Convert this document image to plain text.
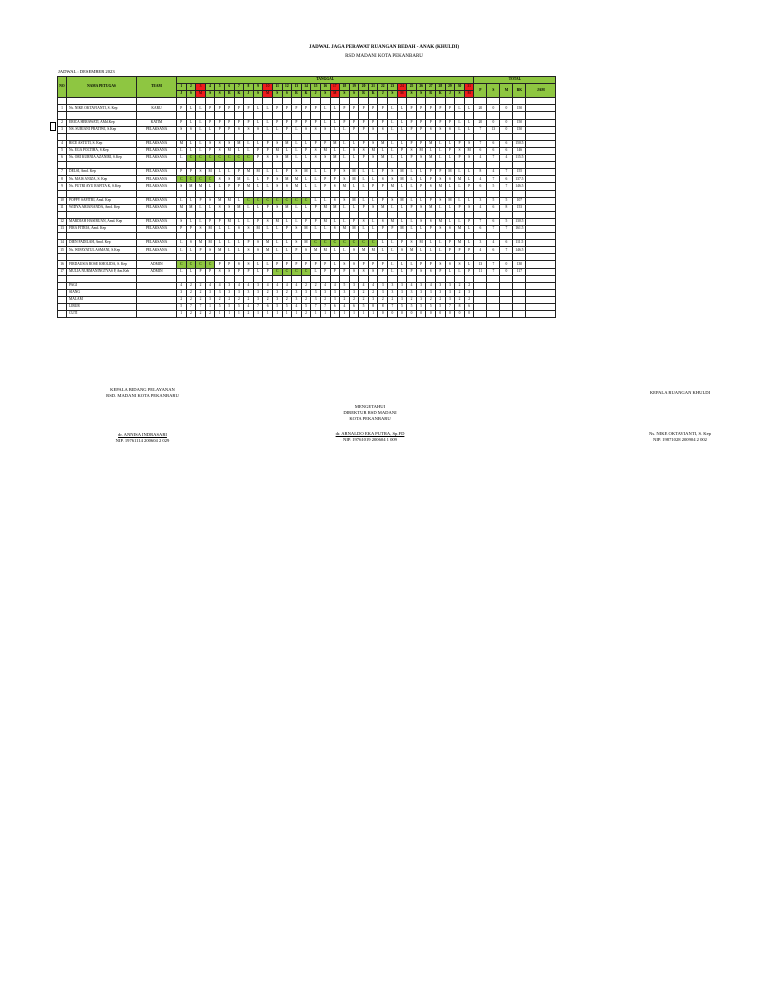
JADWAL JAGA PERAWAT RUANGAN BEDAH - ANAK (KHULDI)
RSD MADANI KOTA PEKANBARU
JADWAL : DESEMBER 2023
NO	NAMA PETUGAS	TEAM	TANGGAL																															TOTAL				
			1	2	3	4	5	6	7	8	9	10	11	12	13	14	15	16	17	18	19	20	21	22	23	24	25	26	27	28	29	30	31	P	S	M	BK	JAM
			J	S	M	S	S	R	K	J	S	M	S	S	R	K	J	S	M	S	S	R	K	J	S	M	S	S	R	K	J	S	M					

1	Ns. NIKE OKTAVIANTI, S. Kep	KARU	P	L	L	P	P	P	P	P	L	L	P	P	P	P	P	L	L	P	P	P	P	P	L	L	P	P	P	P	P	L	L	20	0	0	150	

2	ERICA HERAWATI, AMd.Kep	KATIM	P	L	L	P	P	P	P	P	L	L	P	P	P	P	P	L	L	P	P	P	P	P	L	L	P	P	P	P	P	L	L	20	0	0	150	
3	NS. SURIANI PRATIWI, S.Kep	PELAKSANA	S	S	L	L	P	P	S	S	S	L	L	P	L	S	S	S	L	L	P	P	S	S	L	L	P	P	S	S	S	L	L	7	13	0	150	

4	RICE ASTUTI, S. Kep	PELAKSANA	M	L	L	S	S	S	M	L	L	P	S	M	L	L	P	P	M	L	L	P	S	M	L	L	P	P	M	L	L	P	S	7	6	6	150.5	
5	Ns. EGA POLTIHA, S.Kep	PELAKSANA	L	L	L	P	S	M	L	L	P	P	M	L	L	P	S	M	L	L	S	S	M	L	L	P	S	M	L	L	P	S	M	6	6	6	146	
6	Ns. ORI KURNIA AZANIRI, S.Kep	PELAKSANA	L	C	C	C	C	C	C	C	P	S	S	M	L	L	S	S	M	L	L	P	S	M	L	L	P	S	M	L	L	P	S	4	7	4	115.5	

7	DELSI, Amd. Kep	PELAKSANA	P	P	S	M	L	L	P	M	M	L	L	P	S	M	L	L	P	S	M	L	L	P	S	M	L	L	P	P	M	L	L	8	4	7	155	
8	Ns. MAIS ANIZA, S. Kep	PELAKSANA	C	C	C	C	S	S	M	L	L	P	S	M	M	L	L	P	P	S	M	L	L	S	S	M	L	L	P	S	S	M	L	4	7	6	137.5	
9	Ns. PUTRI AYU RAFITA K, S.Kep	PELAKSANA	S	M	M	L	L	P	P	M	L	L	S	S	M	L	L	P	S	M	L	L	P	P	M	L	L	P	S	M	L	L	P	6	5	7	146.5	

10	POPPY SAFITRI, Amd. Kep	PELAKSANA	L	L	P	S	M	M	L	C	C	C	C	C	C	C	L	L	S	S	M	L	L	P	S	M	L	L	P	S	M	L	L	3	5	5	107	
11	WIDYA ARIANANDA, Amd. Kep	PELAKSANA	M	M	L	L	S	S	M	L	L	P	S	M	L	L	P	M	M	L	L	P	S	M	L	L	P	S	M	L	L	P	S	4	6	8	153	

12	MARDIAH HASIBUAN, Amd. Kep	PELAKSANA	S	L	L	P	P	M	L	L	P	S	M	L	L	P	P	M	L	L	P	S	L	S	M	L	L	S	S	M	L	L	P	7	6	5	130.5	
13	FIRA FITRIA, Amd. Kep	PELAKSANA	P	P	S	M	L	L	S	S	M	L	L	P	S	M	L	L	S	M	M	L	L	P	P	M	L	L	P	S	S	M	L	6	7	7	161.5	

14	DIEN FADILAH, Amd. Kep	PELAKSANA	L	S	M	M	L	L	L	P	S	M	L	L	S	M	C	C	C	C	C	C	C	L	L	P	S	M	L	L	P	M	L	3	4	6	111.5	
15	Ns. WIFAYATUL ASMANI, S.Kep	PELAKSANA	L	L	P	S	M	L	L	S	S	M	L	L	P	S	M	M	L	L	S	M	M	L	L	S	M	L	L	L	P	P	P	4	6	7	146.5	

16	FIRDAUSIA ROSE KHOLIDA, S. Kep	ADMIN	C	C	C	C	P	P	S	S	L	L	P	P	P	P	P	P	L	S	S	P	P	P	L	L	L	P	P	S	S	S	L	13	7	0	130	
17	MULIA NURMANINGTYAS P, Am.Keb	ADMIN	L	L	P	P	S	S	P	P	L	P	C	C	C	C	L	P	P	P	S	S	S	P	L	L	P	S	S	P	L	L	P	11	7	0	117	

	PAGI		4	2	2	4	4	3	4	4	3	4	4	4	4	2	2	4	4	5	3	4	4	3	3	3	4	3	4	3	3	2	2					
	SIANG		3	2	2	3	3	3	3	3	3	2	3	2	3	3	3	3	3	3	3	2	2	3	3	3	3	3	3	3	3	2	3					
	MALAM		2	2	2	3	2	2	2	2	3	2	3	2	3	2	3	2	3	2	2	2	3	2	2	3	2	3	2	2	3	2	2					
	LIBUR		5	7	7	1	5	5	5	4	7	6	5	5	4	5	7	7	6	4	6	5	8	8	7	5	5	5	5	5	7	8	6					
	CUTI		1	2	2	2	1	1	1	2	1	1	1	1	1	2	1	1	1	1	1	1	1	0	0	0	0	0	0	0	0	0	0					
KEPALA BIDANG PELAYANAN
RSD. MADANI KOTA PEKANBARU
dr. ANNISA INDRASARI
NIP. 19761114 200604 2 029
MENGETAHUI
DIREKTUR RSD MADANI
KOTA PEKANBARU
dr. ARNALDO EKA PUTRA, Sp.FD
NIP. 19761019 200604 1 009
KEPALA RUANGAN KHULDI
Ns. NIKE OKTAVIANTI, S. Kep
NIP. 19871028 200904 2 002
